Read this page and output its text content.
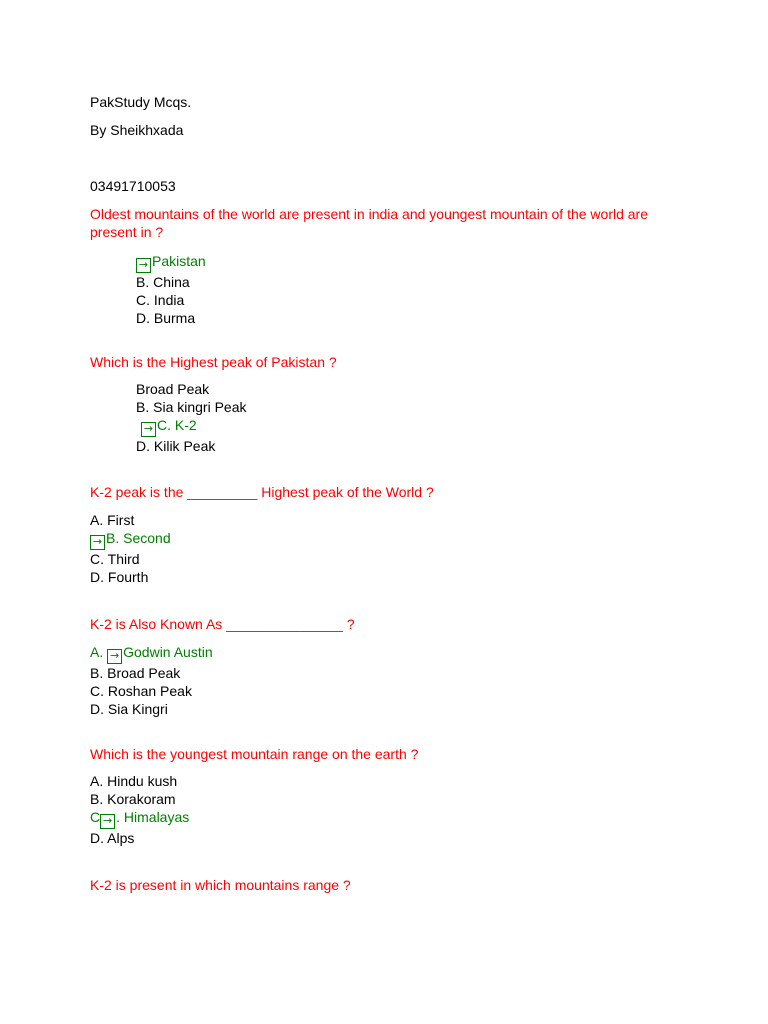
PakStudy Mcqs.
By Sheikhxada
03491710053
Oldest mountains of the world are present in india and youngest mountain of the world are present in ?
→ Pakistan
B. China
C. India
D. Burma
Which is the Highest peak of Pakistan ?
Broad Peak
B. Sia kingri Peak
→ C. K-2
D. Kilik Peak
K-2 peak is the _________ Highest peak of the World ?
A. First
→ B. Second
C. Third
D. Fourth
K-2 is Also Known As _______________ ?
A. → Godwin Austin
B. Broad Peak
C. Roshan Peak
D. Sia Kingri
Which is the youngest mountain range on the earth ?
A. Hindu kush
B. Korakoram
C → . Himalayas
D. Alps
K-2 is present in which mountains range ?
